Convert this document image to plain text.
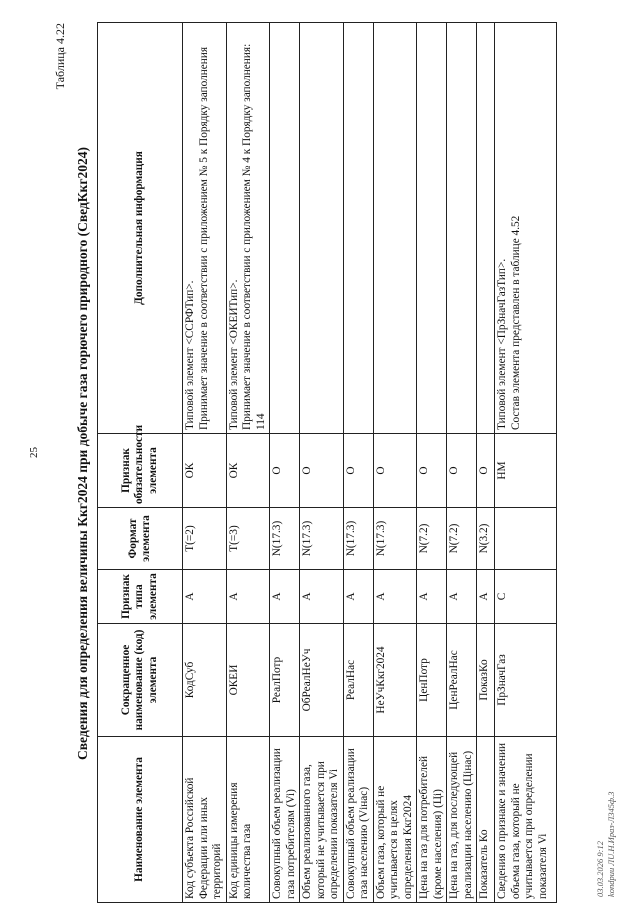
25
Таблица 4.22
Сведения для определения величины Ккг2024 при добыче газа горючего природного (СведКкг2024)
Наименование элемента	Сокращенное наименование (код) элемента	Признак типа элемента	Формат элемента	Признак обязательности элемента	Дополнительная информация
Код субъекта Российской Федерации или иных территорий	КодСуб	А	T(=2)	ОК	Типовой элемент <ССРФТип>. Принимает значение в соответствии с приложением № 5 к Порядку заполнения
Код единицы измерения количества газа	ОКЕИ	А	T(=3)	ОК	Типовой элемент <ОКЕИТип>. Принимает значение в соответствии с приложением № 4 к Порядку заполнения: 114
Совокупный объем реализации газа потребителям (Vi)	РеалПотр	А	N(17.3)	О	
Объем реализованного газа, который не учитывается при определении показателя Vi	ОбРеалНеУч	А	N(17.3)	О	
Совокупный объем реализации газа населению (Vінас)	РеалНас	А	N(17.3)	О	
Объем газа, который не учитывается в целях определения Ккг2024	НеУчКкг2024	А	N(17.3)	О	
Цена на газ для потребителей (кроме населения) (Цi)	ЦенПотр	А	N(7.2)	О	
Цена на газ, для последующей реализации населению (Цiнас)	ЦенРеалНас	А	N(7.2)	О	
Показатель Ко	ПоказКо	А	N(3.2)	О	
Сведения о признаке и значении объема газа, который не учитывается при определении показателя Vi	ПрЗначГаз	С		НМ	Типовой элемент <ПрЗначГазТип>. Состав элемента представлен в таблице 4.52
03.03.2026 9:12 kondpuu ЛU.Н.Ираз-Л345ф.3
